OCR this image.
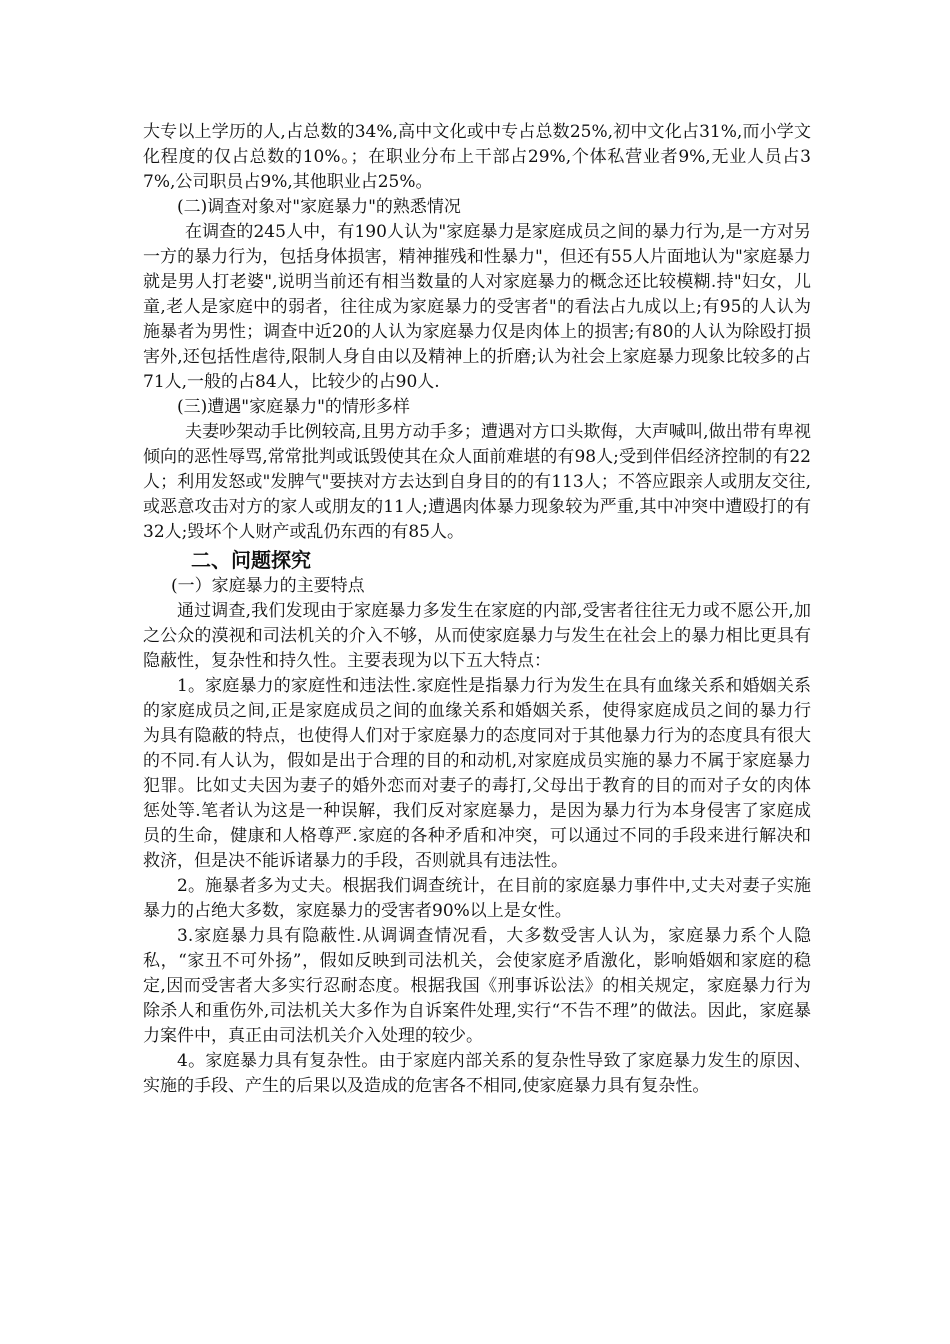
大专以上学历的人,占总数的34%,高中文化或中专占总数25%,初中文化占31%,而小学文化程度的仅占总数的10%。；在职业分布上干部占29%,个体私营业者9%,无业人员占37%,公司职员占9%,其他职业占25%。

(二)调查对象对"家庭暴力"的熟悉情况

在调查的245人中，有190人认为"家庭暴力是家庭成员之间的暴力行为,是一方对另一方的暴力行为，包括身体损害，精神摧残和性暴力"，但还有55人片面地认为"家庭暴力就是男人打老婆",说明当前还有相当数量的人对家庭暴力的概念还比较模糊.持"妇女，儿童,老人是家庭中的弱者，往往成为家庭暴力的受害者"的看法占九成以上;有95的人认为施暴者为男性；调查中近20的人认为家庭暴力仅是肉体上的损害;有80的人认为除殴打损害外,还包括性虐待,限制人身自由以及精神上的折磨;认为社会上家庭暴力现象比较多的占71人,一般的占84人，比较少的占90人.

(三)遭遇"家庭暴力"的情形多样

夫妻吵架动手比例较高,且男方动手多；遭遇对方口头欺侮，大声喊叫,做出带有卑视倾向的恶性辱骂,常常批判或诋毁使其在众人面前难堪的有98人;受到伴侣经济控制的有22人；利用发怒或"发脾气"要挟对方去达到自身目的的有113人；不答应跟亲人或朋友交往,或恶意攻击对方的家人或朋友的11人;遭遇肉体暴力现象较为严重,其中冲突中遭殴打的有32人;毁坏个人财产或乱仍东西的有85人。

二、问题探究

(一）家庭暴力的主要特点

通过调查,我们发现由于家庭暴力多发生在家庭的内部,受害者往往无力或不愿公开,加之公众的漠视和司法机关的介入不够，从而使家庭暴力与发生在社会上的暴力相比更具有隐蔽性，复杂性和持久性。主要表现为以下五大特点：

1。家庭暴力的家庭性和违法性.家庭性是指暴力行为发生在具有血缘关系和婚姻关系的家庭成员之间,正是家庭成员之间的血缘关系和婚姻关系，使得家庭成员之间的暴力行为具有隐蔽的特点，也使得人们对于家庭暴力的态度同对于其他暴力行为的态度具有很大的不同.有人认为，假如是出于合理的目的和动机,对家庭成员实施的暴力不属于家庭暴力犯罪。比如丈夫因为妻子的婚外恋而对妻子的毒打,父母出于教育的目的而对子女的肉体惩处等.笔者认为这是一种误解，我们反对家庭暴力，是因为暴力行为本身侵害了家庭成员的生命，健康和人格尊严.家庭的各种矛盾和冲突，可以通过不同的手段来进行解决和救济，但是决不能诉诸暴力的手段，否则就具有违法性。

2。施暴者多为丈夫。根据我们调查统计，在目前的家庭暴力事件中,丈夫对妻子实施暴力的占绝大多数，家庭暴力的受害者90%以上是女性。

3.家庭暴力具有隐蔽性.从调调查情况看，大多数受害人认为，家庭暴力系个人隐私，“家丑不可外扬”，假如反映到司法机关，会使家庭矛盾激化，影响婚姻和家庭的稳定,因而受害者大多实行忍耐态度。根据我国《刑事诉讼法》的相关规定，家庭暴力行为除杀人和重伤外,司法机关大多作为自诉案件处理,实行“不告不理”的做法。因此，家庭暴力案件中，真正由司法机关介入处理的较少。

4。家庭暴力具有复杂性。由于家庭内部关系的复杂性导致了家庭暴力发生的原因、实施的手段、产生的后果以及造成的危害各不相同,使家庭暴力具有复杂性。
